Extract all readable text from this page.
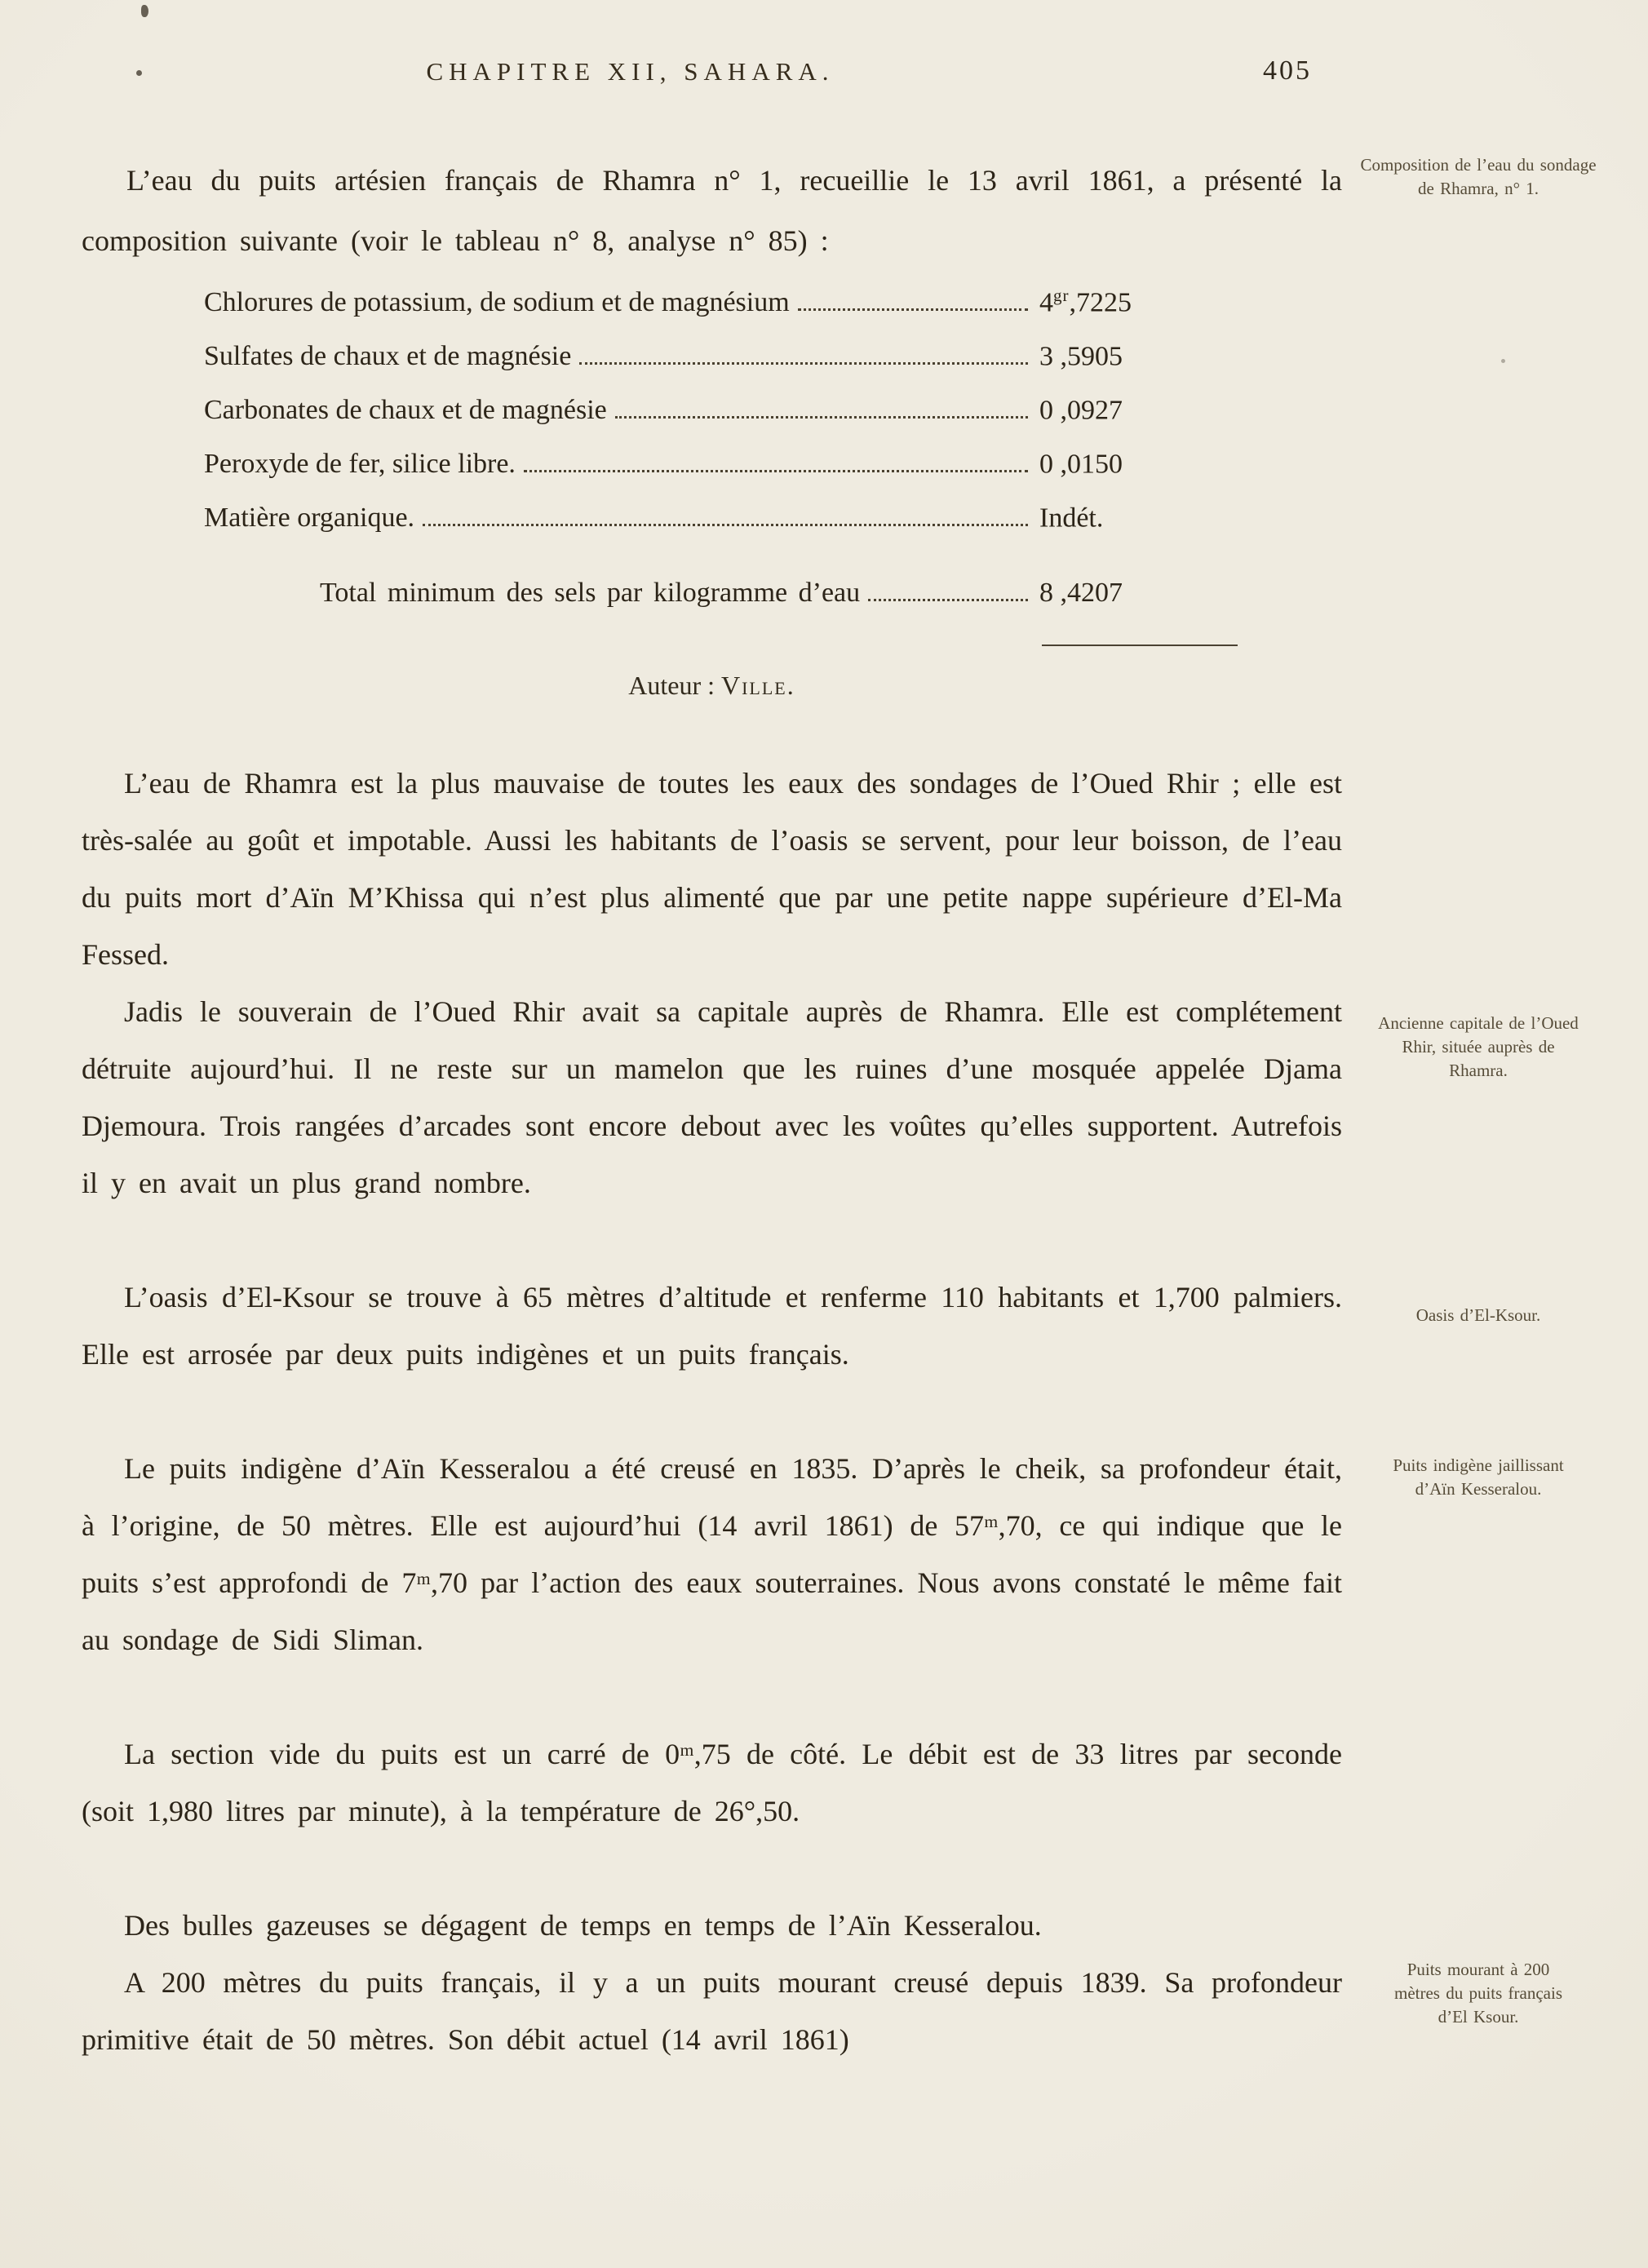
CHAPITRE XII, SAHARA.	405

L’eau du puits artésien français de Rhamra n° 1, recueillie le 13 avril 1861, a présenté la composition suivante (voir le tableau n° 8, analyse n° 85) :

Chlorures de potassium, de sodium et de magnésium	$4^{gr},7225$
Sulfates de chaux et de magnésie	3 ,5905
Carbonates de chaux et de magnésie	0 ,0927
Peroxyde de fer, silice libre.	0 ,0150
Matière organique.	Indét.
Total minimum des sels par kilogramme d’eau	8 ,4207
Auteur : Ville.

L’eau de Rhamra est la plus mauvaise de toutes les eaux des sondages de l’Oued Rhir ; elle est très-salée au goût et impotable. Aussi les habitants de l’oasis se servent, pour leur boisson, de l’eau du puits mort d’Aïn M’Khissa qui n’est plus alimenté que par une petite nappe supérieure d’El-Ma Fessed.

Jadis le souverain de l’Oued Rhir avait sa capitale auprès de Rhamra. Elle est complétement détruite aujourd’hui. Il ne reste sur un mamelon que les ruines d’une mosquée appelée Djama Djemoura. Trois rangées d’arcades sont encore debout avec les voûtes qu’elles supportent. Autrefois il y en avait un plus grand nombre.

L’oasis d’El-Ksour se trouve à 65 mètres d’altitude et renferme 110 habitants et 1,700 palmiers. Elle est arrosée par deux puits indigènes et un puits français.

Le puits indigène d’Aïn Kesseralou a été creusé en 1835. D’après le cheik, sa profondeur était, à l’origine, de 50 mètres. Elle est aujourd’hui (14 avril 1861) de 57ᵐ,70, ce qui indique que le puits s’est approfondi de 7ᵐ,70 par l’action des eaux souterraines. Nous avons constaté le même fait au sondage de Sidi Sliman.

La section vide du puits est un carré de 0ᵐ,75 de côté. Le débit est de 33 litres par seconde (soit 1,980 litres par minute), à la température de 26°,50.

Des bulles gazeuses se dégagent de temps en temps de l’Aïn Kesseralou.

A 200 mètres du puits français, il y a un puits mourant creusé depuis 1839. Sa profondeur primitive était de 50 mètres. Son débit actuel (14 avril 1861)

Composition de l’eau du sondage de Rhamra, n° 1.
Ancienne capitale de l’Oued Rhir, située auprès de Rhamra.
Oasis d’El-Ksour.
Puits indigène jaillissant d’Aïn Kesseralou.
Puits mourant à 200 mètres du puits français d’El Ksour.
